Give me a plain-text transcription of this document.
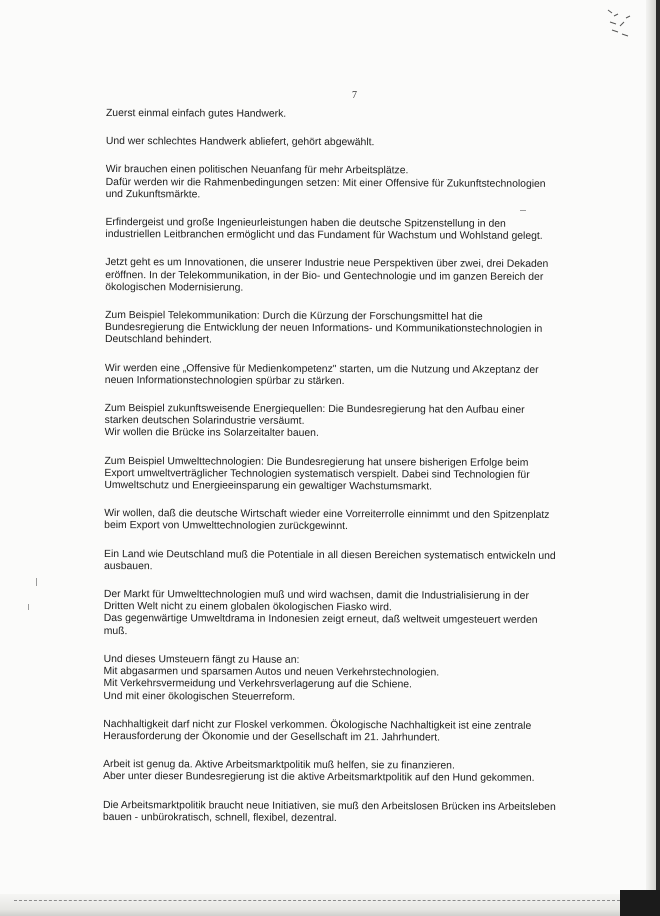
7
Zuerst einmal einfach gutes Handwerk.
Und wer schlechtes Handwerk abliefert, gehört abgewählt.
Wir brauchen einen politischen Neuanfang für mehr Arbeitsplätze.
Dafür werden wir die Rahmenbedingungen setzen: Mit einer Offensive für Zukunftstechnologien
und Zukunftsmärkte.
Erfindergeist und große Ingenieurleistungen haben die deutsche Spitzenstellung in den
industriellen Leitbranchen ermöglicht und das Fundament für Wachstum und Wohlstand gelegt.
Jetzt geht es um Innovationen, die unserer Industrie neue Perspektiven über zwei, drei Dekaden
eröffnen. In der Telekommunikation, in der Bio- und Gentechnologie und im ganzen Bereich der
ökologischen Modernisierung.
Zum Beispiel Telekommunikation: Durch die Kürzung der Forschungsmittel hat die
Bundesregierung die Entwicklung der neuen Informations- und Kommunikationstechnologien in
Deutschland behindert.
Wir werden eine „Offensive für Medienkompetenz" starten, um die Nutzung und Akzeptanz der
neuen Informationstechnologien spürbar zu stärken.
Zum Beispiel zukunftsweisende Energiequellen: Die Bundesregierung hat den Aufbau einer
starken deutschen Solarindustrie versäumt.
Wir wollen die Brücke ins Solarzeitalter bauen.
Zum Beispiel Umwelttechnologien: Die Bundesregierung hat unsere bisherigen Erfolge beim
Export umweltverträglicher Technologien systematisch verspielt. Dabei sind Technologien für
Umweltschutz und Energieeinsparung ein gewaltiger Wachstumsmarkt.
Wir wollen, daß die deutsche Wirtschaft wieder eine Vorreiterrolle einnimmt und den Spitzenplatz
beim Export von Umwelttechnologien zurückgewinnt.
Ein Land wie Deutschland muß die Potentiale in all diesen Bereichen systematisch entwickeln und
ausbauen.
Der Markt für Umwelttechnologien muß und wird wachsen, damit die Industrialisierung in der
Dritten Welt nicht zu einem globalen ökologischen Fiasko wird.
Das gegenwärtige Umweltdrama in Indonesien zeigt erneut, daß weltweit umgesteuert werden
muß.
Und dieses Umsteuern fängt zu Hause an:
Mit abgasarmen und sparsamen Autos und neuen Verkehrstechnologien.
Mit Verkehrsvermeidung und Verkehrsverlagerung auf die Schiene.
Und mit einer ökologischen Steuerreform.
Nachhaltigkeit darf nicht zur Floskel verkommen. Ökologische Nachhaltigkeit ist eine zentrale
Herausforderung der Ökonomie und der Gesellschaft im 21. Jahrhundert.
Arbeit ist genug da. Aktive Arbeitsmarktpolitik muß helfen, sie zu finanzieren.
Aber unter dieser Bundesregierung ist die aktive Arbeitsmarktpolitik auf den Hund gekommen.
Die Arbeitsmarktpolitik braucht neue Initiativen, sie muß den Arbeitslosen Brücken ins Arbeitsleben
bauen - unbürokratisch, schnell, flexibel, dezentral.
